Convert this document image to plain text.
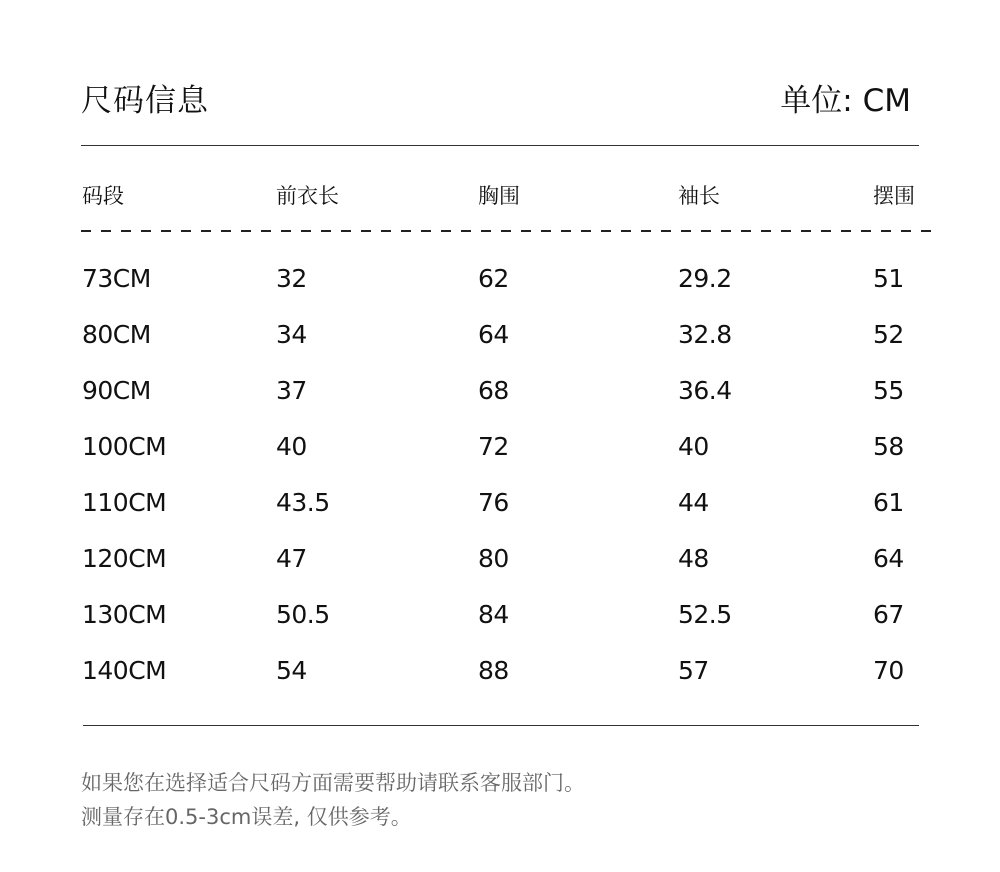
尺码信息	单位: CM
码段	前衣长	胸围	袖长	摆围
73CM	32	62	29.2	51
80CM	34	64	32.8	52
90CM	37	68	36.4	55
100CM	40	72	40	58
110CM	43.5	76	44	61
120CM	47	80	48	64
130CM	50.5	84	52.5	67
140CM	54	88	57	70
如果您在选择适合尺码方面需要帮助请联系客服部门。
测量存在0.5-3cm误差, 仅供参考。
